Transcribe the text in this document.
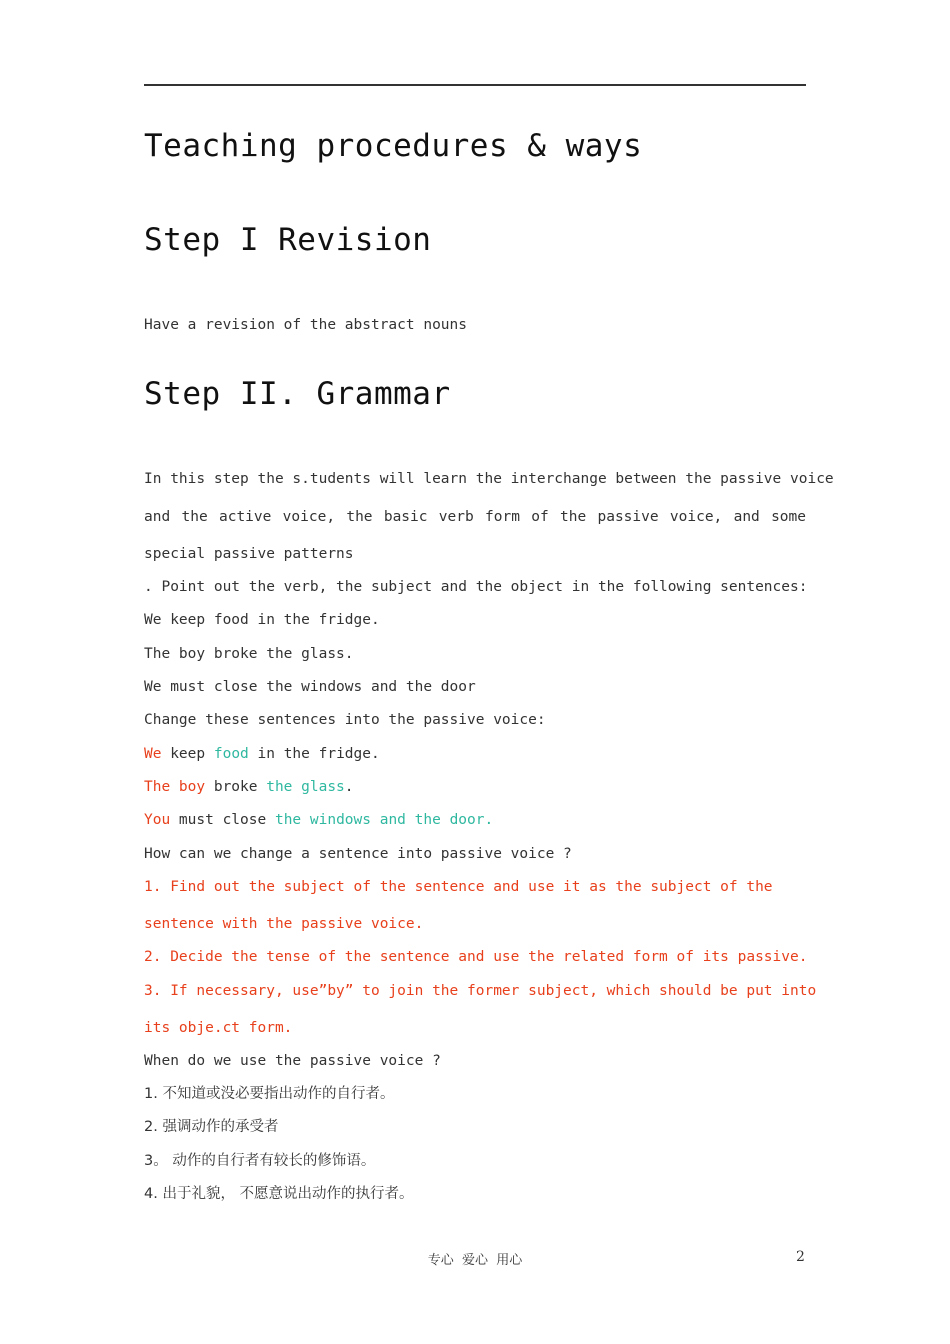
Teaching procedures & ways
Step I Revision
Have a revision of the abstract nouns
Step II. Grammar
In this step the s.tudents will learn the interchange between the passive voice
and the active voice, the basic verb form of the passive voice, and some
special passive patterns
. Point out the verb, the subject and the object in the following sentences:
We keep food in the fridge.
The boy broke the glass.
We must close the windows and the door
Change these sentences into the passive voice:
We keep food in the fridge.
The boy broke the glass.
You must close the windows and the door.
How can we change a sentence into passive voice ?
1. Find out the subject of the sentence and use it as the subject of the
sentence with the passive voice.
2. Decide the tense of the sentence and use the related form of its passive.
3. If necessary, use”by” to join the former subject, which should be put into
its obje.ct form.
When do we use the passive voice ?
1. 不知道或没必要指出动作的自行者。
2. 强调动作的承受者
3。 动作的自行者有较长的修饰语。
4. 出于礼貌， 不愿意说出动作的执行者。
专心  爱心  用心	2
